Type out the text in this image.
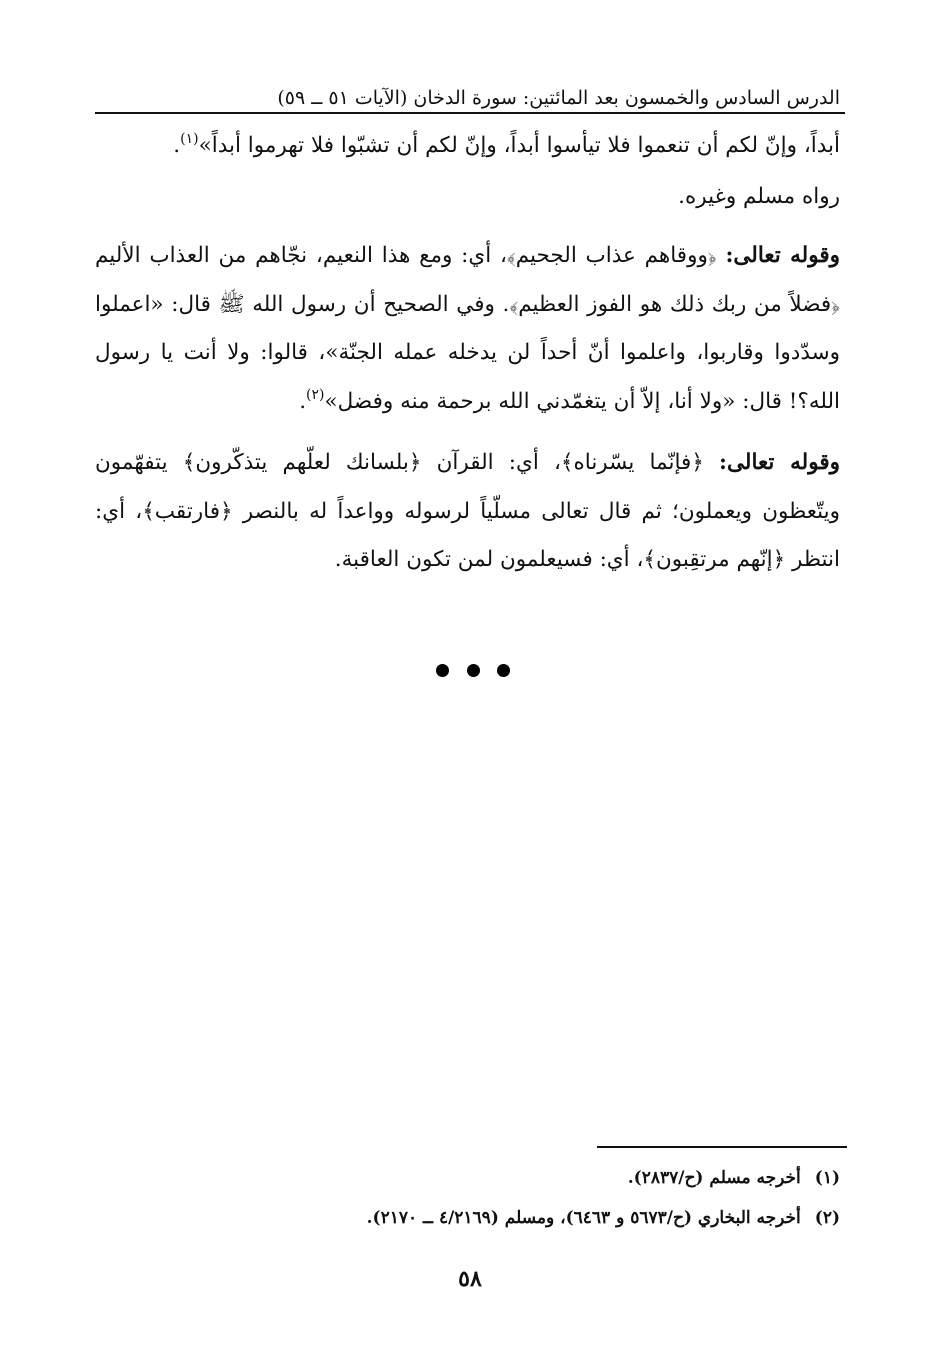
الدرس السادس والخمسون بعد المائتين: سورة الدخان (الآيات ٥١ ــ ٥٩)

أبداً، وإنّ لكم أن تنعموا فلا تيأسوا أبداً، وإنّ لكم أن تشبّوا فلا تهرموا أبداً»$^{(١)}$.
رواه مسلم وغيره.

وقوله تعالى: ﴿ووقاهم عذاب الجحيم﴾، أي: ومع هذا النعيم، نجّاهم من العذاب الأليم ﴿فضلاً من ربك ذلك هو الفوز العظيم﴾. وفي الصحيح أن رسول الله ﷺ قال: «اعملوا وسدّدوا وقاربوا، واعلموا أنّ أحداً لن يدخله عمله الجنّة»، قالوا: ولا أنت يا رسول الله؟! قال: «ولا أنا، إلاّ أن يتغمّدني الله برحمة منه وفضل»$^{(٢)}$.

وقوله تعالى: ﴿فإنّما يسّرناه﴾، أي: القرآن ﴿بلسانك لعلّهم يتذكّرون﴾ يتفهّمون ويتّعظون ويعملون؛ ثم قال تعالى مسلّياً لرسوله وواعداً له بالنصر ﴿فارتقب﴾، أي: انتظر ﴿إنّهم مرتقِبون﴾، أي: فسيعلمون لمن تكون العاقبة.

(١)أخرجه مسلم (ح/٢٨٣٧).
(٢)أخرجه البخاري (ح/٥٦٧٣ و ٦٤٦٣)، ومسلم (٤/٢١٦٩ ــ ٢١٧٠).
٥٨
